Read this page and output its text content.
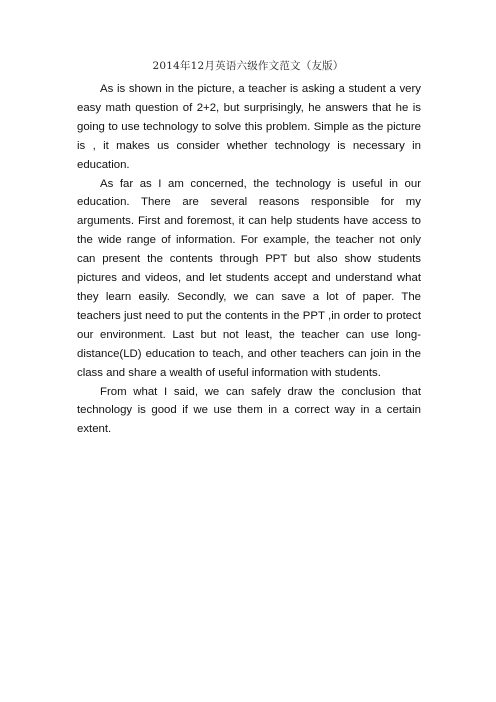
2014年12月英语六级作文范文（友版）

As is shown in the picture, a teacher is asking a student a very easy math question of 2+2, but surprisingly, he answers that he is going to use technology to solve this problem. Simple as the picture is , it makes us consider whether technology is necessary in education.

As far as I am concerned, the technology is useful in our education. There are several reasons responsible for my arguments. First and foremost, it can help students have access to the wide range of information. For example, the teacher not only can present the contents through PPT but also show students pictures and videos, and let students accept and understand what they learn easily. Secondly, we can save a lot of paper. The teachers just need to put the contents in the PPT ,in order to protect our environment. Last but not least, the teacher can use long-distance(LD) education to teach, and other teachers can join in the class and share a wealth of useful information with students.

From what I said, we can safely draw the conclusion that technology is good if we use them in a correct way in a certain extent.
